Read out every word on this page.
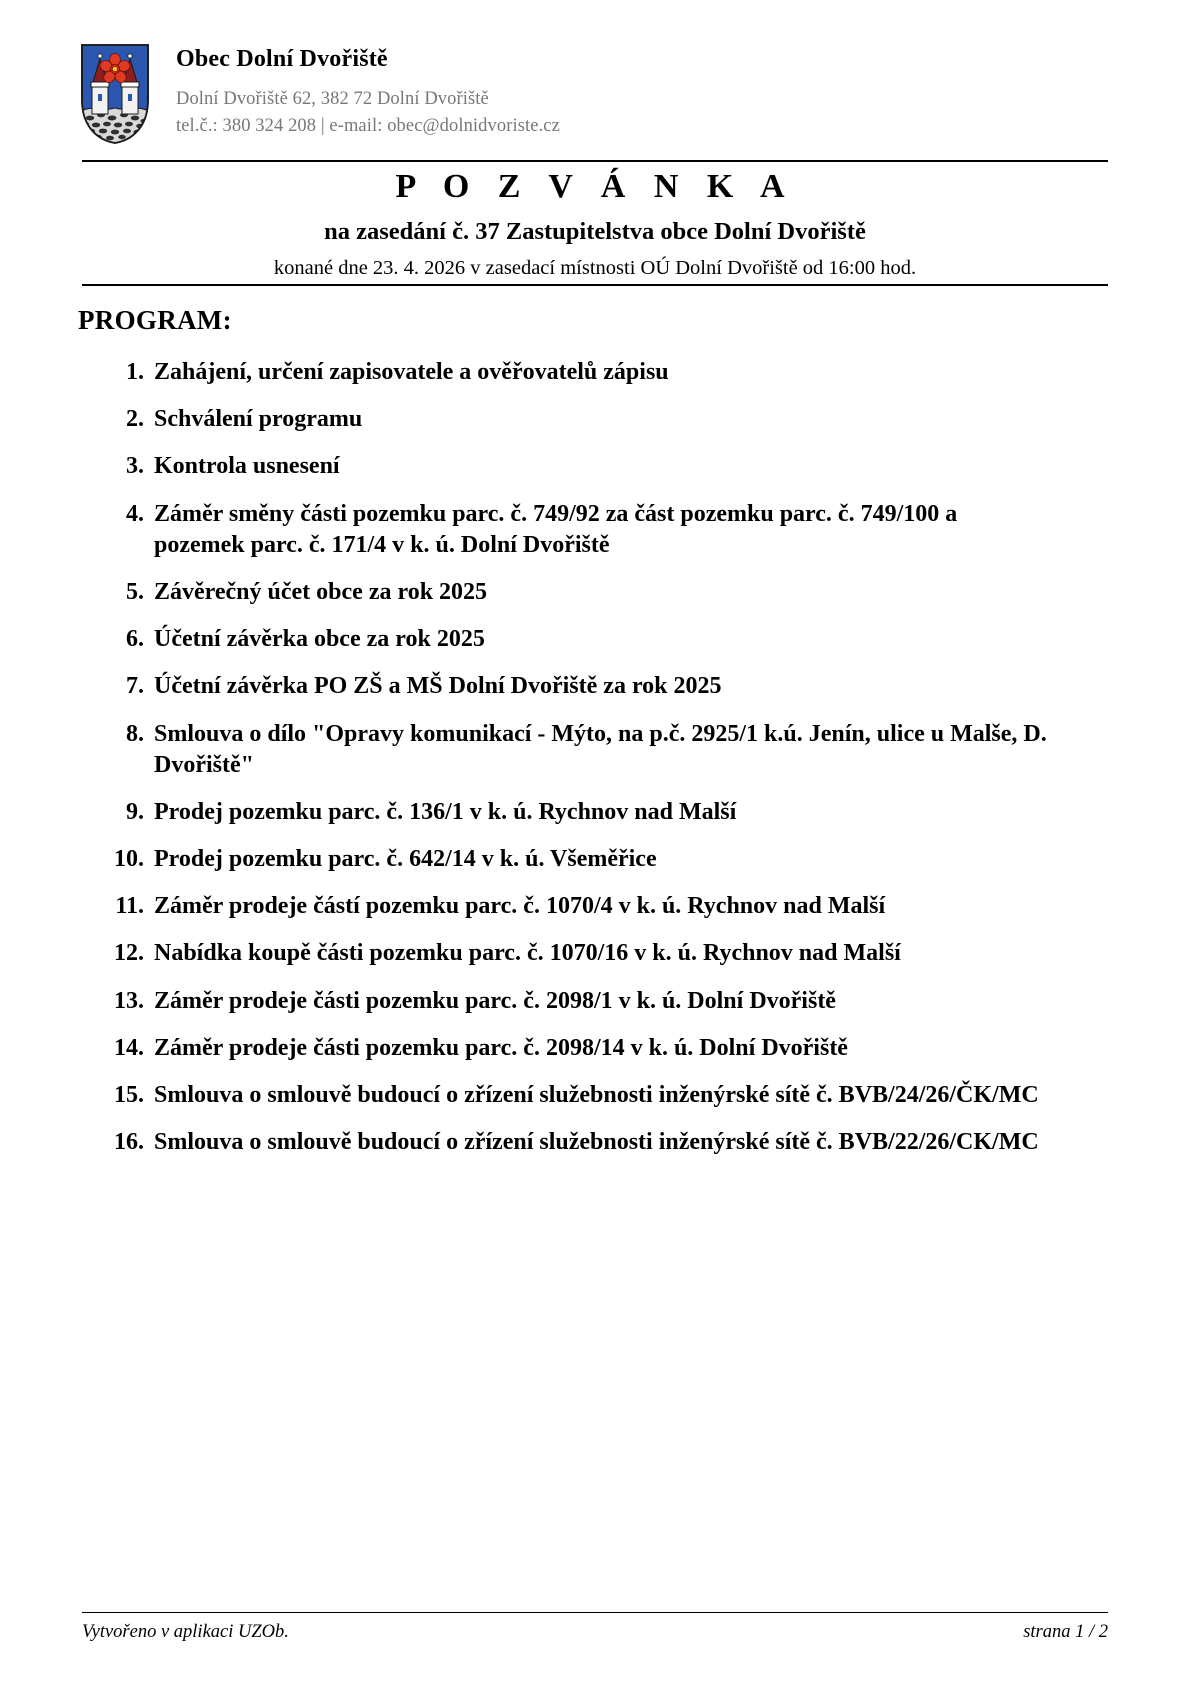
Obec Dolní Dvořiště
Dolní Dvořiště 62, 382 72 Dolní Dvořiště
tel.č.: 380 324 208 | e-mail: obec@dolnidvoriste.cz
P O Z V Á N K A
na zasedání č. 37 Zastupitelstva obce Dolní Dvořiště
konané dne 23. 4. 2026 v zasedací místnosti OÚ Dolní Dvořiště od 16:00 hod.
PROGRAM:
1. Zahájení, určení zapisovatele a ověřovatelů zápisu
2. Schválení programu
3. Kontrola usnesení
4. Záměr směny části pozemku parc. č. 749/92 za část pozemku parc. č. 749/100 a pozemek parc. č. 171/4 v k. ú. Dolní Dvořiště
5. Závěrečný účet obce za rok 2025
6. Účetní závěrka obce za rok 2025
7. Účetní závěrka PO ZŠ a MŠ Dolní Dvořiště za rok 2025
8. Smlouva o dílo "Opravy komunikací - Mýto, na p.č. 2925/1 k.ú. Jenín, ulice u Malše, D. Dvořiště"
9. Prodej pozemku parc. č. 136/1 v k. ú. Rychnov nad Malší
10. Prodej pozemku parc. č. 642/14 v k. ú. Všeměřice
11. Záměr prodeje částí pozemku parc. č. 1070/4 v k. ú. Rychnov nad Malší
12. Nabídka koupě části pozemku parc. č. 1070/16 v k. ú. Rychnov nad Malší
13. Záměr prodeje části pozemku parc. č. 2098/1 v k. ú. Dolní Dvořiště
14. Záměr prodeje části pozemku parc. č. 2098/14 v k. ú. Dolní Dvořiště
15. Smlouva o smlouvě budoucí o zřízení služebnosti inženýrské sítě č. BVB/24/26/ČK/MC
16. Smlouva o smlouvě budoucí o zřízení služebnosti inženýrské sítě č. BVB/22/26/CK/MC
Vytvořeno v aplikaci UZOb.	strana 1 / 2
